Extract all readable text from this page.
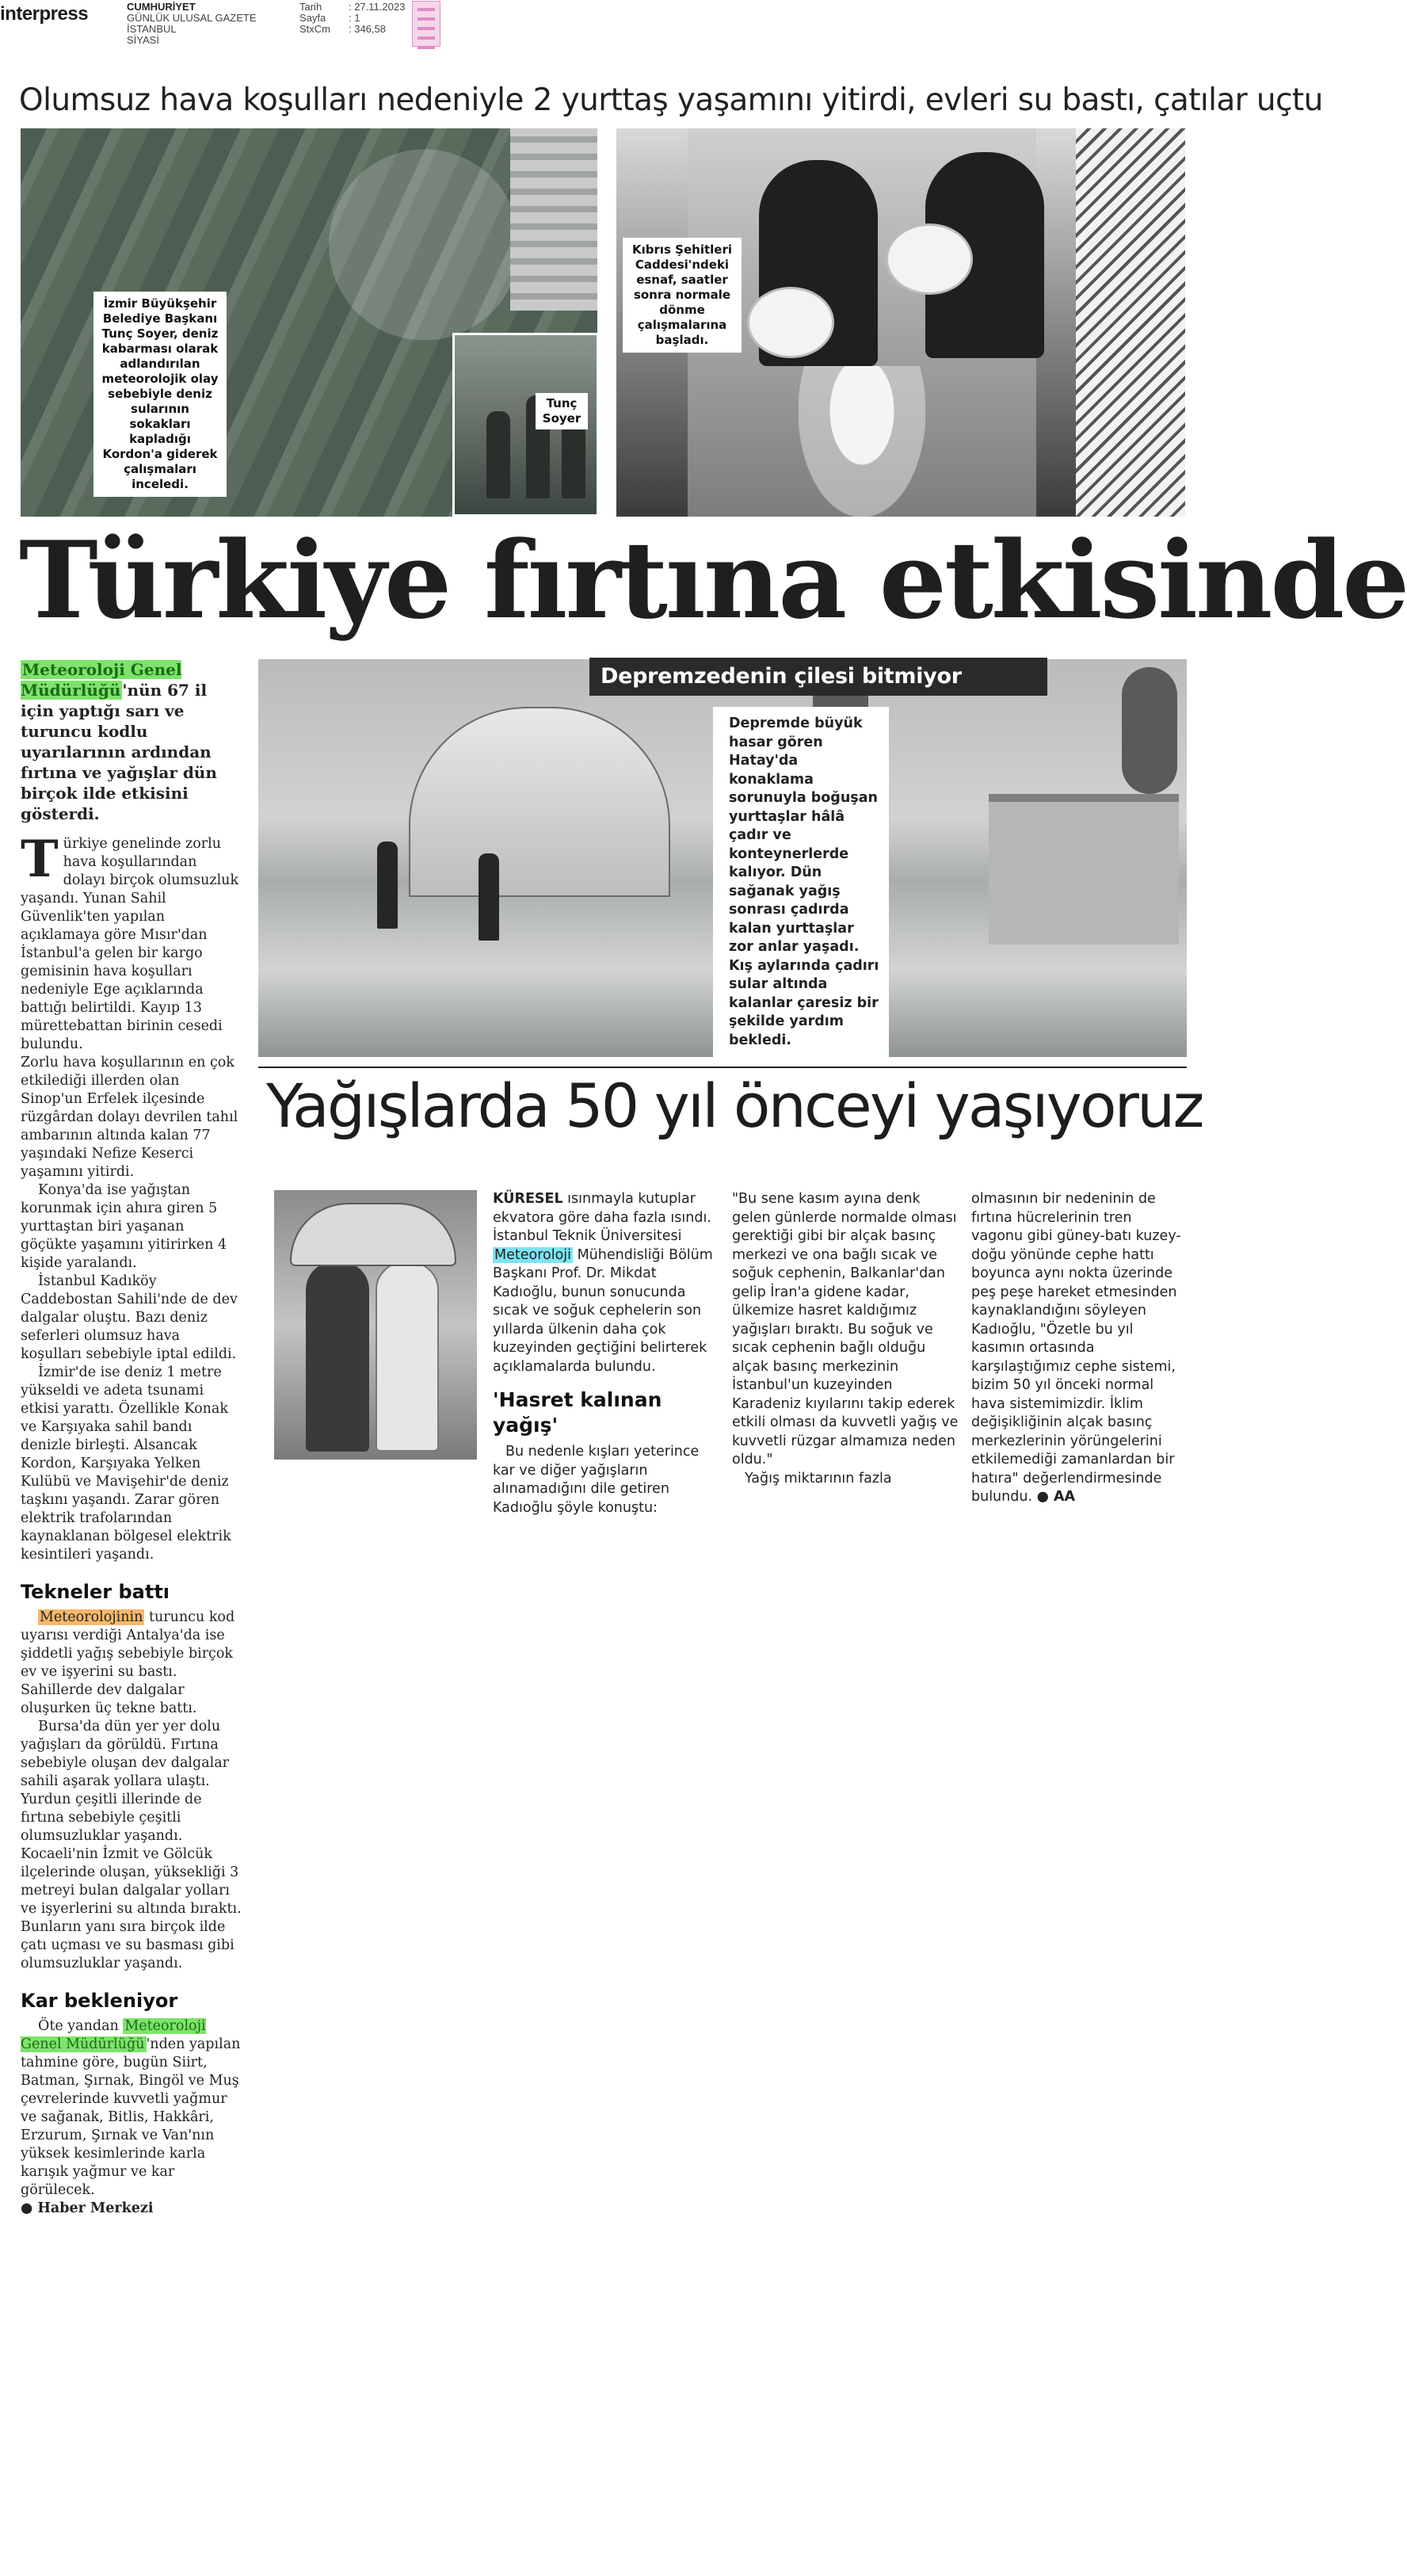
interpress	CUMHURİYET
GÜNLÜK ULUSAL GAZETE
İSTANBUL
SİYASİ
Tarih	: 27.11.2023
Sayfa	: 1
StxCm	: 346,58
Olumsuz hava koşulları nedeniyle 2 yurttaş yaşamını yitirdi, evleri su bastı, çatılar uçtu
İzmir Büyükşehir Belediye Başkanı Tunç Soyer, deniz kabarması olarak adlandırılan meteorolojik olay sebebiyle deniz sularının sokakları kapladığı Kordon'a giderek çalışmaları inceledi.
Tunç Soyer
Kıbrıs Şehitleri Caddesi'ndeki esnaf, saatler sonra normale dönme çalışmalarına başladı.
Türkiye fırtına etkisinde
Meteoroloji Genel Müdürlüğü 'nün 67 il için yaptığı sarı ve turuncu kodlu uyarılarının ardından fırtına ve yağışlar dün birçok ilde etkisini gösterdi.

Türkiye genelinde zorlu hava koşullarından dolayı birçok olumsuzluk yaşandı. Yunan Sahil Güvenlik'ten yapılan açıklamaya göre Mısır'dan İstanbul'a gelen bir kargo gemisinin hava koşulları nedeniyle Ege açıklarında battığı belirtildi. Kayıp 13 mürettebattan birinin cesedi bulundu.

Zorlu hava koşullarının en çok etkilediği illerden olan Sinop'un Erfelek ilçesinde rüzgârdan dolayı devrilen tahıl ambarının altında kalan 77 yaşındaki Nefize Keserci yaşamını yitirdi.

Konya'da ise yağıştan korunmak için ahıra giren 5 yurttaştan biri yaşanan göçükte yaşamını yitirirken 4 kişide yaralandı.

İstanbul Kadıköy Caddebostan Sahili'nde de dev dalgalar oluştu. Bazı deniz seferleri olumsuz hava koşulları sebebiyle iptal edildi.

İzmir'de ise deniz 1 metre yükseldi ve adeta tsunami etkisi yarattı. Özellikle Konak ve Karşıyaka sahil bandı denizle birleşti. Alsancak Kordon, Karşıyaka Yelken Kulübü ve Mavişehir'de deniz taşkını yaşandı. Zarar gören elektrik trafolarından kaynaklanan bölgesel elektrik kesintileri yaşandı.

Tekneler battı

Meteorolojinin turuncu kod uyarısı verdiği Antalya'da ise şiddetli yağış sebebiyle birçok ev ve işyerini su bastı. Sahillerde dev dalgalar oluşurken üç tekne battı.

Bursa'da dün yer yer dolu yağışları da görüldü. Fırtına sebebiyle oluşan dev dalgalar sahili aşarak yollara ulaştı. Yurdun çeşitli illerinde de fırtına sebebiyle çeşitli olumsuzluklar yaşandı. Kocaeli'nin İzmit ve Gölcük ilçelerinde oluşan, yüksekliği 3 metreyi bulan dalgalar yolları ve işyerlerini su altında bıraktı. Bunların yanı sıra birçok ilde çatı uçması ve su basması gibi olumsuzluklar yaşandı.

Kar bekleniyor

Öte yandan Meteoroloji Genel Müdürlüğü 'nden yapılan tahmine göre, bugün Siirt, Batman, Şırnak, Bingöl ve Muş çevrelerinde kuvvetli yağmur ve sağanak, Bitlis, Hakkâri, Erzurum, Şırnak ve Van'nın yüksek kesimlerinde karla karışık yağmur ve kar görülecek.

● Haber Merkezi

Depremzedenin çilesi bitmiyor
Depremde büyük hasar gören Hatay'da konaklama sorunuyla boğuşan yurttaşlar hâlâ çadır ve konteynerlerde kalıyor. Dün sağanak yağış sonrası çadırda kalan yurttaşlar zor anlar yaşadı. Kış aylarında çadırı sular altında kalanlar çaresiz bir şekilde yardım bekledi.
Yağışlarda 50 yıl önceyi yaşıyoruz

KÜRESEL ısınmayla kutuplar ekvatora göre daha fazla ısındı. İstanbul Teknik Üniversitesi Meteoroloji Mühendisliği Bölüm Başkanı Prof. Dr. Mikdat Kadıoğlu, bunun sonucunda sıcak ve soğuk cephelerin son yıllarda ülkenin daha çok kuzeyinden geçtiğini belirterek açıklamalarda bulundu.

'Hasret kalınan yağış'

Bu nedenle kışları yeterince kar ve diğer yağışların alınamadığını dile getiren Kadıoğlu şöyle konuştu:

"Bu sene kasım ayına denk gelen günlerde normalde olması gerektiği gibi bir alçak basınç merkezi ve ona bağlı sıcak ve soğuk cephenin, Balkanlar'dan gelip İran'a gidene kadar, ülkemize hasret kaldığımız yağışları bıraktı. Bu soğuk ve sıcak cephenin bağlı olduğu alçak basınç merkezinin İstanbul'un kuzeyinden Karadeniz kıyılarını takip ederek etkili olması da kuvvetli yağış ve kuvvetli rüzgar almamıza neden oldu."

Yağış miktarının fazla

olmasının bir nedeninin de fırtına hücrelerinin tren vagonu gibi güney-batı kuzey-doğu yönünde cephe hattı boyunca aynı nokta üzerinde peş peşe hareket etmesinden kaynaklandığını söyleyen Kadıoğlu, "Özetle bu yıl kasımın ortasında karşılaştığımız cephe sistemi, bizim 50 yıl önceki normal hava sistemimizdir. İklim değişikliğinin alçak basınç merkezlerinin yörüngelerini etkilemediği zamanlardan bir hatıra" değerlendirmesinde bulundu. ● AA
